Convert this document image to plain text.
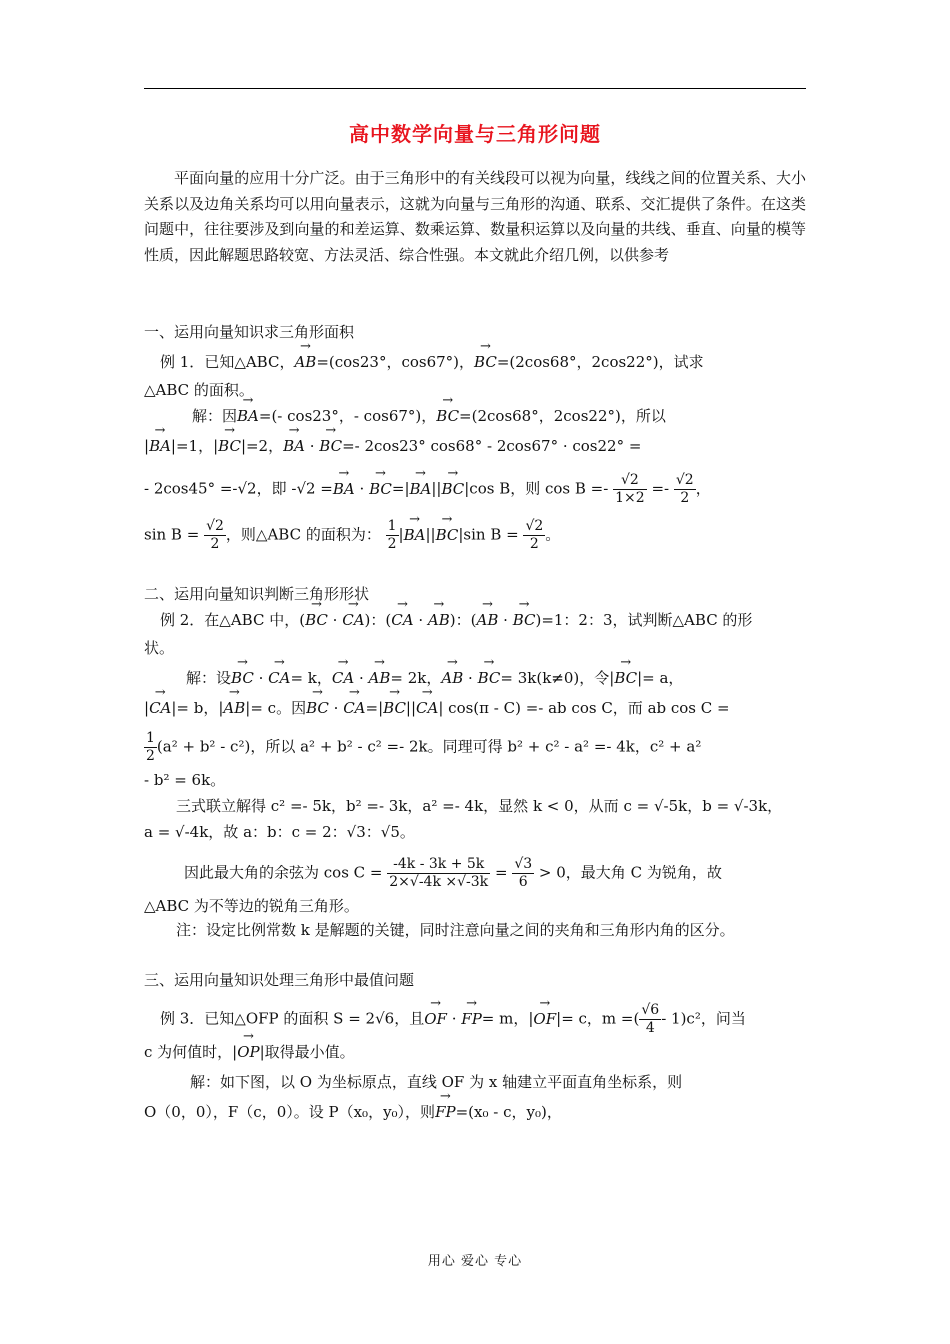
高中数学向量与三角形问题
平面向量的应用十分广泛。由于三角形中的有关线段可以视为向量，线线之间的位置关系、大小关系以及边角关系均可以用向量表示，这就为向量与三角形的沟通、联系、交汇提供了条件。在这类问题中，往往要涉及到向量的和差运算、数乘运算、数量积运算以及向量的共线、垂直、向量的模等性质，因此解题思路较宽、方法灵活、综合性强。本文就此介绍几例，以供参考
一、运用向量知识求三角形面积
例 1．已知△ABC，→ AB=(cos23°，cos67°)，→ BC=(2cos68°，2cos22°)，试求
△ABC 的面积。
解：因→ BA=(- cos23°，- cos67°)，→ BC=(2cos68°，2cos22°)，所以
|→ BA|=1，|→ BC|=2，→ BA · → BC=- 2cos23° cos68° - 2cos67° · cos22° =
- 2cos45° =-√2，即 -√2 =→ BA · → BC=|→ BA||→ BC|cos B，则 $\cos B =- \frac{√2}{1\times 2} =- \frac{√2}{2}$ ，
$\sin B = \frac{√2}{2}$ ，则△ABC 的面积为： $\frac{1}{2}$ |→ BA||→ BC|sin $B = \frac{√2}{2}$ 。
二、运用向量知识判断三角形形状
例 2．在△ABC 中，(→ BC · → CA)：(→ CA · → AB)：(→ AB · → BC)=1：2：3，试判断△ABC 的形
状。
解：设→ BC · → CA= k，→ CA · → AB= 2k，→ AB · → BC= 3k(k≠0)，令|→ BC|= a，
|→ CA|= b，|→ AB|= c。因→ BC · → CA=|→ BC||→ CA| cos(π - C) =- ab cos C，而 ab cos C =
$\frac{1}{2} (a^2 + b^2 - c^2)$，所以 a² + b² - c² =- 2k。同理可得 b² + c² - a² =- 4k，c² + a²
- b² = 6k。
三式联立解得 c² =- 5k，b² =- 3k，a² =- 4k，显然 k < 0，从而 c = √-5k，b = √-3k，
a = √-4k，故 a：b：c = 2：√3：√5。
因此最大角的余弦为 $\cos C = \frac{-4k - 3k + 5k}{2\times√-4k \times√-3k} = \frac{√3}{6} > 0$，最大角 C 为锐角，故
△ABC 为不等边的锐角三角形。
注：设定比例常数 k 是解题的关键，同时注意向量之间的夹角和三角形内角的区分。
三、运用向量知识处理三角形中最值问题
例 3．已知△OFP 的面积 S = 2√6，且→ OF · → FP= m，|→ OF|= c，m =( $\frac{√6}{4} - 1)c^2$，问当
c 为何值时，|→ OP|取得最小值。
解：如下图，以 O 为坐标原点，直线 OF 为 x 轴建立平面直角坐标系，则
O（0，0），F（c，0）。设 P（x₀，y₀），则→ FP=(x₀ - c，y₀)，
用心 爱心 专心
